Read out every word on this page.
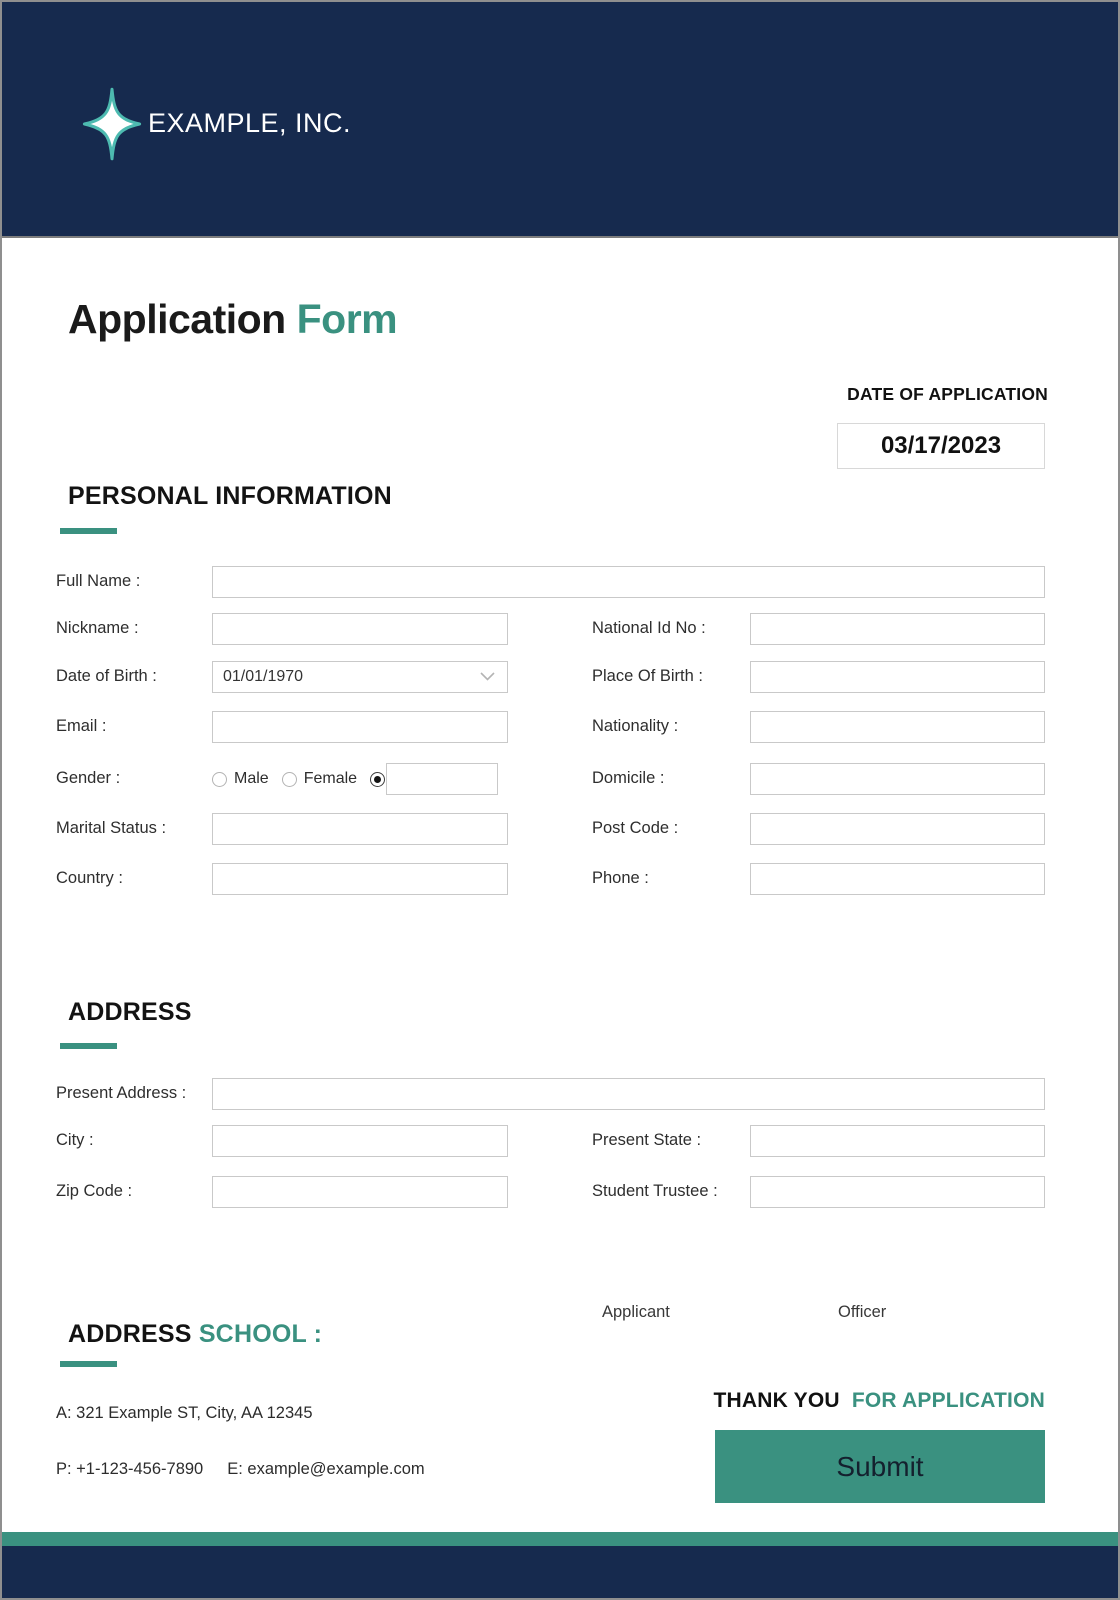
EXAMPLE, INC.
Application Form
DATE OF APPLICATION
03/17/2023
PERSONAL INFORMATION
Full Name :
Nickname :	National Id No :
Date of Birth :	01/01/1970	Place Of Birth :
Email :	Nationality :
Gender :	Male Female	Domicile :
Marital Status :	Post Code :
Country :	Phone :
ADDRESS
Present Address :
City :	Present State :
Zip Code :	Student Trustee :
Applicant	Officer
ADDRESS SCHOOL :
A: 321 Example ST, City, AA 12345
P: +1-123-456-7890 E: example@example.com
THANK YOU FOR APPLICATION
Submit
